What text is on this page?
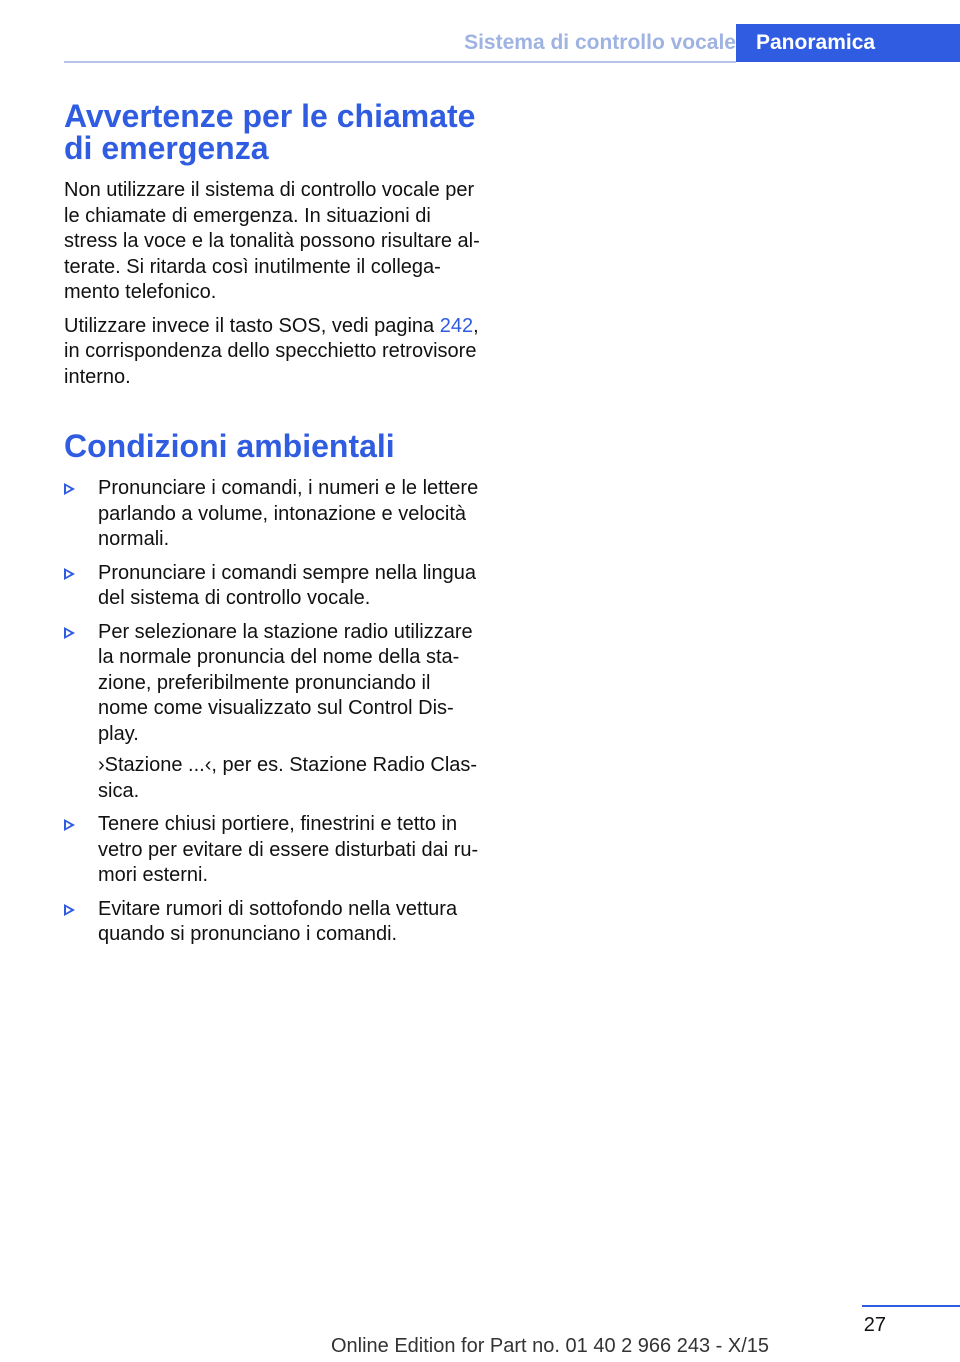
Sistema di controllo vocale Panoramica
Avvertenze per le chiamate di emergenza

Non utilizzare il sistema di controllo vocale per le chiamate di emergenza. In situazioni di stress la voce e la tonalità possono risultare al-terate. Si ritarda così inutilmente il collega-mento telefonico.

Utilizzare invece il tasto SOS, vedi pagina 242, in corrispondenza dello specchietto retrovisore interno.

Condizioni ambientali
Pronunciare i comandi, i numeri e le lettere parlando a volume, intonazione e velocità normali.
Pronunciare i comandi sempre nella lingua del sistema di controllo vocale.
Per selezionare la stazione radio utilizzare la normale pronuncia del nome della sta-zione, preferibilmente pronunciando il nome come visualizzato sul Control Dis-play.

›Stazione ...‹, per es. Stazione Radio Clas-sica.

Tenere chiusi portiere, finestrini e tetto in vetro per evitare di essere disturbati dai ru-mori esterni.
Evitare rumori di sottofondo nella vettura quando si pronunciano i comandi.
27
Online Edition for Part no. 01 40 2 966 243 - X/15
